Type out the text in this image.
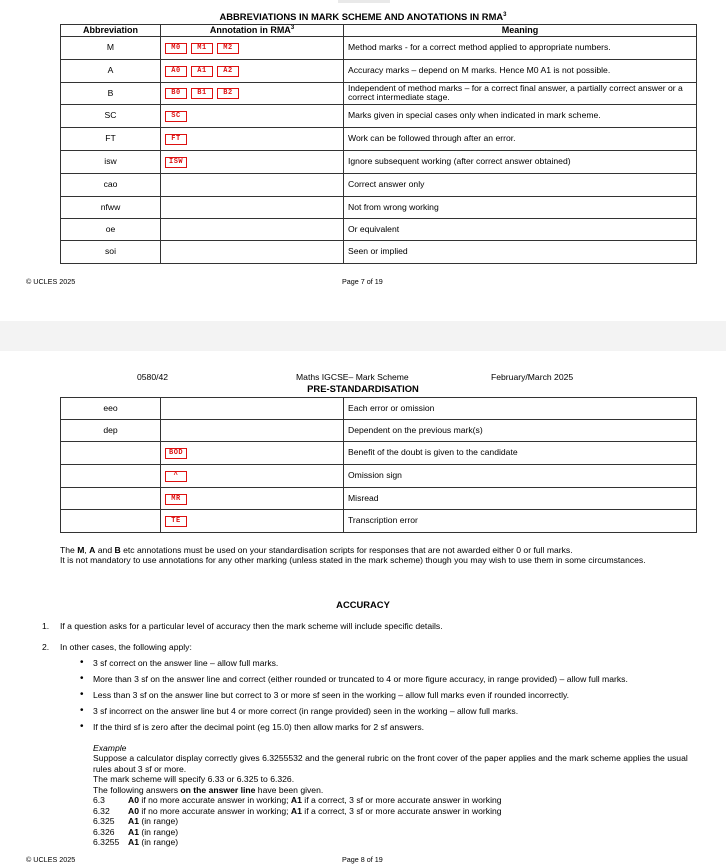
ABBREVIATIONS IN MARK SCHEME AND ANOTATIONS IN RMA$^3$
Abbreviation	Annotation in RMA$^3$	Meaning
M	M0 M1 M2	Method marks - for a correct method applied to appropriate numbers.
A	A0 A1 A2	Accuracy marks – depend on M marks. Hence M0 A1 is not possible.
B	B0 B1 B2	Independent of method marks – for a correct final answer, a partially correct answer or a correct intermediate stage.
SC	SC	Marks given in special cases only when indicated in mark scheme.
FT	FT	Work can be followed through after an error.
isw	ISW	Ignore subsequent working (after correct answer obtained)
cao		Correct answer only
nfww		Not from wrong working
oe		Or equivalent
soi		Seen or implied
© UCLES 2025	Page 7 of 19
0580/42	Maths IGCSE– Mark Scheme	February/March 2025
PRE-STANDARDISATION
eeo		Each error or omission
dep		Dependent on the previous mark(s)
	BOD	Benefit of the doubt is given to the candidate
	^	Omission sign
	MR	Misread
	TE	Transcription error
The M, A and B etc annotations must be used on your standardisation scripts for responses that are not awarded either 0 or full marks.
It is not mandatory to use annotations for any other marking (unless stated in the mark scheme) though you may wish to use them in some circumstances.
ACCURACY
1. If a question asks for a particular level of accuracy then the mark scheme will include specific details.
2. In other cases, the following apply:
• 3 sf correct on the answer line – allow full marks.
• More than 3 sf on the answer line and correct (either rounded or truncated to 4 or more figure accuracy, in range provided) – allow full marks.
• Less than 3 sf on the answer line but correct to 3 or more sf seen in the working – allow full marks even if rounded incorrectly.
• 3 sf incorrect on the answer line but 4 or more correct (in range provided) seen in the working – allow full marks.
• If the third sf is zero after the decimal point (eg 15.0) then allow marks for 2 sf answers.
Example
Suppose a calculator display correctly gives 6.3255532 and the general rubric on the front cover of the paper applies and the mark scheme applies the usual rules about 3 sf or more.
The mark scheme will specify 6.33 or 6.325 to 6.326.
The following answers on the answer line have been given.
6.3	A0 if no more accurate answer in working; A1 if a correct, 3 sf or more accurate answer in working
6.32 A0 if no more accurate answer in working; A1 if a correct, 3 sf or more accurate answer in working
6.325 A1 (in range)
6.326 A1 (in range)
6.3255 A1 (in range)
© UCLES 2025	Page 8 of 19
